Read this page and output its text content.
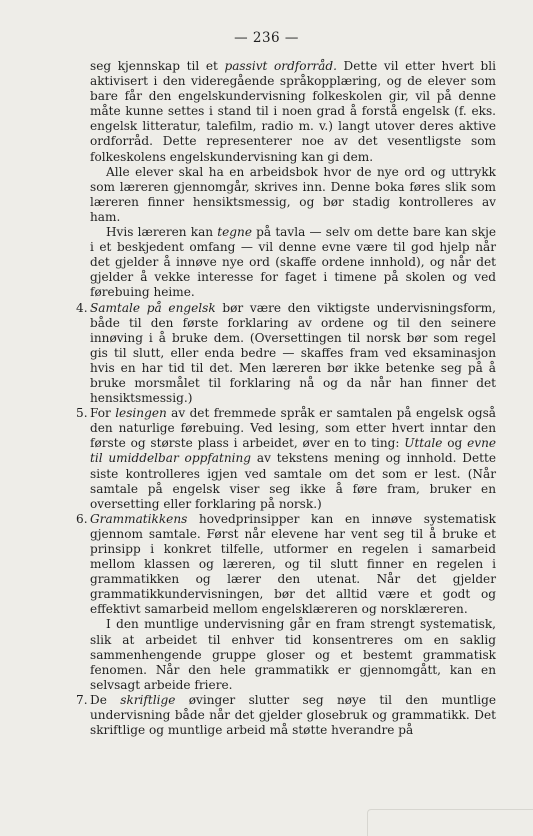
— 236 —

seg kjennskap til et passivt ordforråd. Dette vil etter hvert bli aktivisert i den videregående språkopplæring, og de elever som bare får den engelskundervisning folkeskolen gir, vil på denne måte kunne settes i stand til i noen grad å forstå engelsk (f. eks. engelsk litteratur, talefilm, radio m. v.) langt utover deres aktive ordforråd. Dette representerer noe av det vesentligste som folkeskolens engelskundervisning kan gi dem.

Alle elever skal ha en arbeidsbok hvor de nye ord og uttrykk som læreren gjennomgår, skrives inn. Denne boka føres slik som læreren finner hensiktsmessig, og bør stadig kontrolleres av ham.

Hvis læreren kan tegne på tavla — selv om dette bare kan skje i et beskjedent omfang — vil denne evne være til god hjelp når det gjelder å innøve nye ord (skaffe ordene innhold), og når det gjelder å vekke interesse for faget i timene på skolen og ved førebuing heime.

4. Samtale på engelsk bør være den viktigste undervisningsform, både til den første forklaring av ordene og til den seinere innøving i å bruke dem. (Oversettingen til norsk bør som regel gis til slutt, eller enda bedre — skaffes fram ved eksaminasjon hvis en har tid til det. Men læreren bør ikke betenke seg på å bruke morsmålet til forklaring nå og da når han finner det hensiktsmessig.)

5. For lesingen av det fremmede språk er samtalen på engelsk også den naturlige førebuing. Ved lesing, som etter hvert inntar den første og største plass i arbeidet, øver en to ting: Uttale og evne til umiddelbar oppfatning av tekstens mening og innhold. Dette siste kontrolleres igjen ved samtale om det som er lest. (Når samtale på engelsk viser seg ikke å føre fram, bruker en oversetting eller forklaring på norsk.)

6. Grammatikkens hovedprinsipper kan en innøve systematisk gjennom samtale. Først når elevene har vent seg til å bruke et prinsipp i konkret tilfelle, utformer en regelen i samarbeid mellom klassen og læreren, og til slutt finner en regelen i grammatikken og lærer den utenat. Når det gjelder grammatikkundervisningen, bør det alltid være et godt og effektivt samarbeid mellom engelsklæreren og norsklæreren.

I den muntlige undervisning går en fram strengt systematisk, slik at arbeidet til enhver tid konsentreres om en saklig sammenhengende gruppe gloser og et bestemt grammatisk fenomen. Når den hele grammatikk er gjennomgått, kan en selvsagt arbeide friere.

7. De skriftlige øvinger slutter seg nøye til den muntlige undervisning både når det gjelder glosebruk og grammatikk. Det skriftlige og muntlige arbeid må støtte hverandre på
